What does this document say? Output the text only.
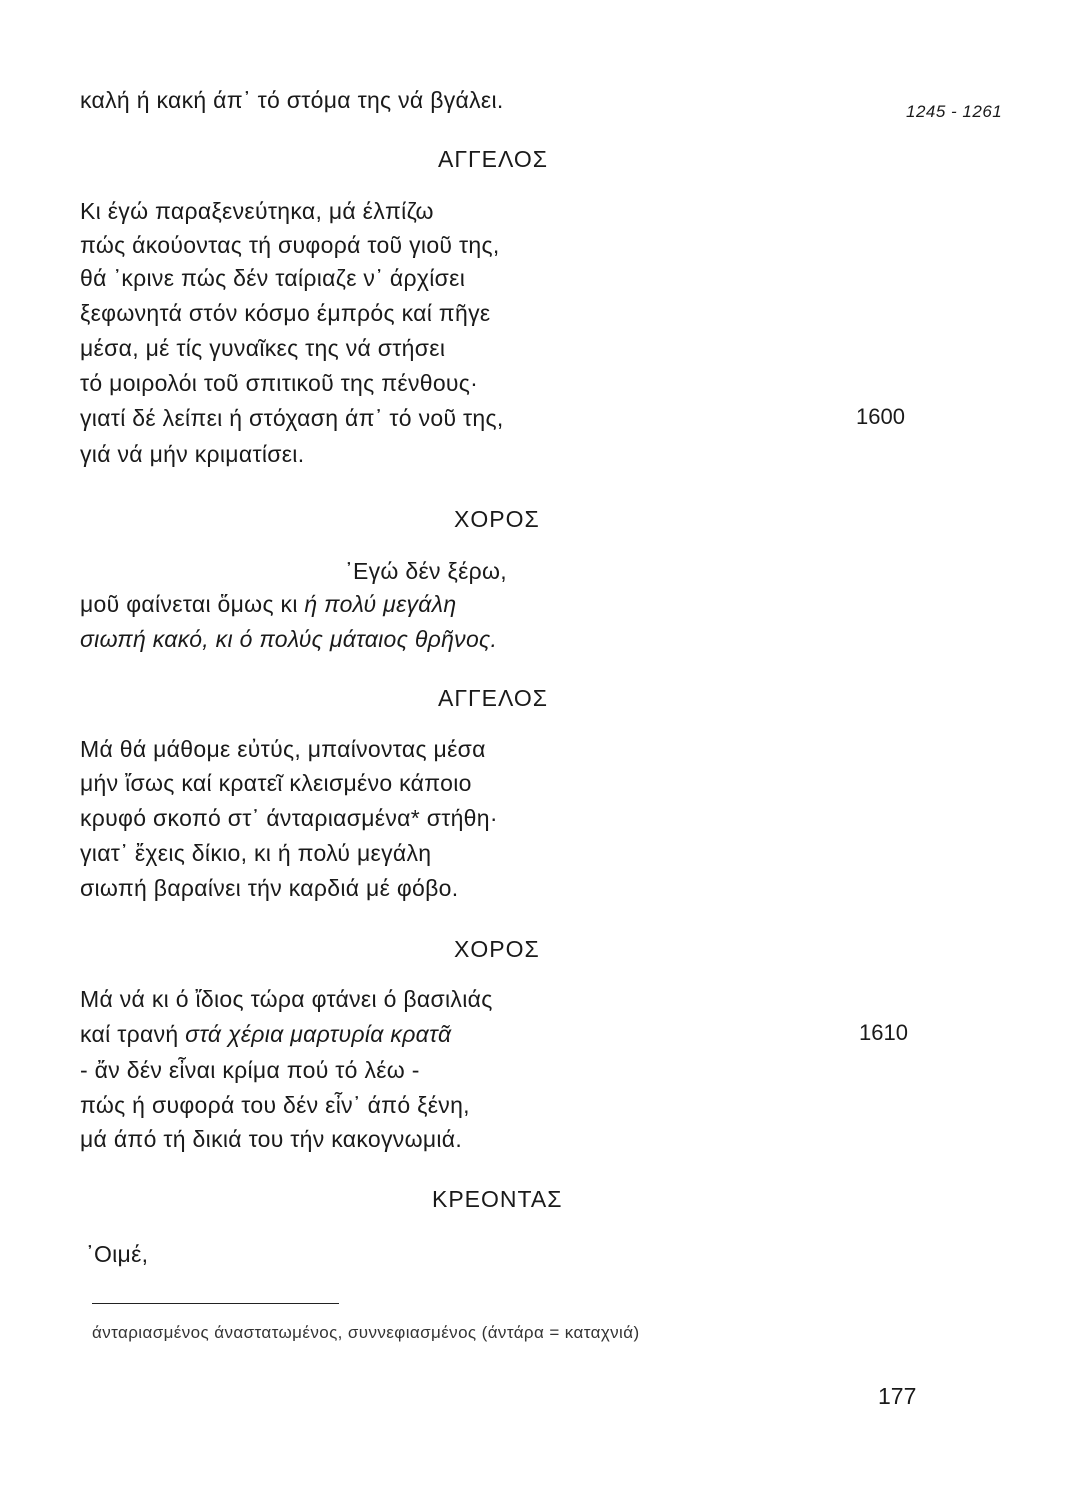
1245 - 1261
καλή ή κακή άπ᾽ τό στόμα της νά βγάλει.
ΑΓΓΕΛΟΣ
Κι έγώ παραξενεύτηκα, μά έλπίζω
πώς άκούοντας τή συφορά τοῦ γιοῦ της,
θά ᾽κρινε πώς δέν ταίριαζε ν᾽ άρχίσει
ξεφωνητά στόν κόσμο έμπρός καί πῆγε
μέσα, μέ τίς γυναῖκες της νά στήσει
τό μοιρολόι τοῦ σπιτικοῦ της πένθους·
γιατί δέ λείπει ή στόχαση άπ᾽ τό νοῦ της,	1600
γιά νά μήν κριματίσει.
ΧΟΡΟΣ
᾽Εγώ δέν ξέρω,
μοῦ φαίνεται ὅμως κι ή πολύ μεγάλη
σιωπή κακό, κι ό πολύς μάταιος θρῆνος.
ΑΓΓΕΛΟΣ
Μά θά μάθομε εὐτύς, μπαίνοντας μέσα
μήν ἴσως καί κρατεῖ κλεισμένο κάποιο
κρυφό σκοπό στ᾽ άνταριασμένα* στήθη·
γιατ᾽ ἔχεις δίκιο, κι ή πολύ μεγάλη
σιωπή βαραίνει τήν καρδιά μέ φόβο.
ΧΟΡΟΣ
Μά νά κι ό ἴδιος τώρα φτάνει ό βασιλιάς
καί τρανή στά χέρια μαρτυρία κρατᾶ	1610
- ἄν δέν εἶναι κρίμα πού τό λέω -
πώς ή συφορά του δέν εἶν᾽ άπό ξένη,
μά άπό τή δικιά του τήν κακογνωμιά.
ΚΡΕΟΝΤΑΣ
᾽Οιμέ,
άνταριασμένος άναστατωμένος, συννεφιασμένος (άντάρα = καταχνιά)
177
